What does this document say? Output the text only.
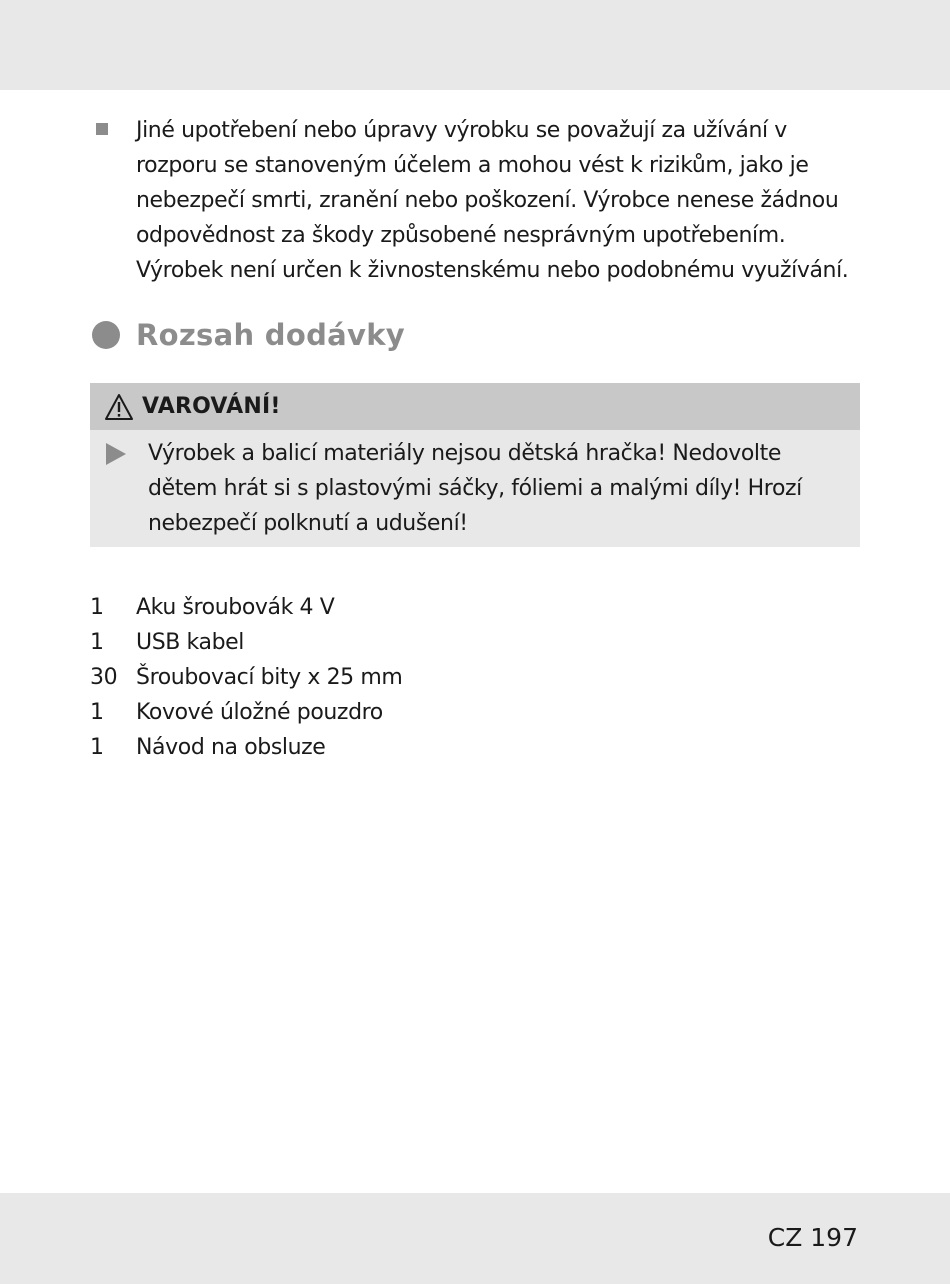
Jiné upotřebení nebo úpravy výrobku se považují za užívání v rozporu se stanoveným účelem a mohou vést k rizikům, jako je nebezpečí smrti, zranění nebo poškození. Výrobce nenese žádnou odpovědnost za škody způsobené nesprávným upotřebením. Výrobek není určen k živnostenskému nebo podobnému využívání.
Rozsah dodávky
VAROVÁNÍ!
Výrobek a balicí materiály nejsou dětská hračka! Nedovolte dětem hrát si s plastovými sáčky, fóliemi a malými díly! Hrozí nebezpečí polknutí a udušení!
1	Aku šroubovák 4 V
1	USB kabel
30 Šroubovací bity x 25 mm
1	Kovové úložné pouzdro
1	Návod na obsluze
CZ 197
